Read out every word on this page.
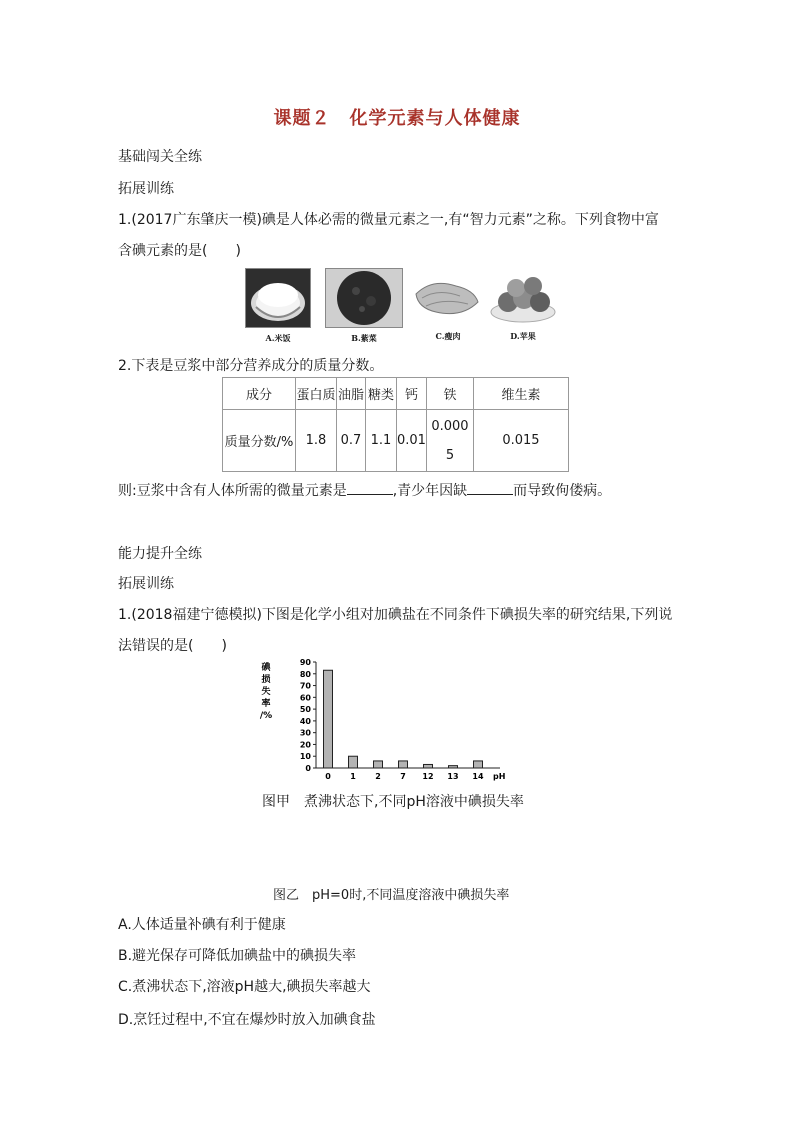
课题２　化学元素与人体健康
基础闯关全练
拓展训练
1.(2017广东肇庆一模)碘是人体必需的微量元素之一,有“智力元素”之称。下列食物中富
含碘元素的是(　　)
A.米饭	B.紫菜	C.瘦肉	D.苹果
2.下表是豆浆中部分营养成分的质量分数。
成分	蛋白质	油脂	糖类	钙	铁	维生素
质量分数/%	1.8	0.7	1.1	0.01	0.000
5	0.015
则:豆浆中含有人体所需的微量元素是	,青少年因缺	而导致佝偻病。
能力提升全练
拓展训练
1.(2018福建宁德模拟)下图是化学小组对加碘盐在不同条件下碘损失率的研究结果,下列说
法错误的是(　　)
碘
损
失
率
/%
0
10
20
30
40
50
60
70
80
90
0 1 2 7 12 13 14 pH
图甲　煮沸状态下,不同pH溶液中碘损失率
图乙　pH=0时,不同温度溶液中碘损失率
A.人体适量补碘有利于健康
B.避光保存可降低加碘盐中的碘损失率
C.煮沸状态下,溶液pH越大,碘损失率越大
D.烹饪过程中,不宜在爆炒时放入加碘食盐
